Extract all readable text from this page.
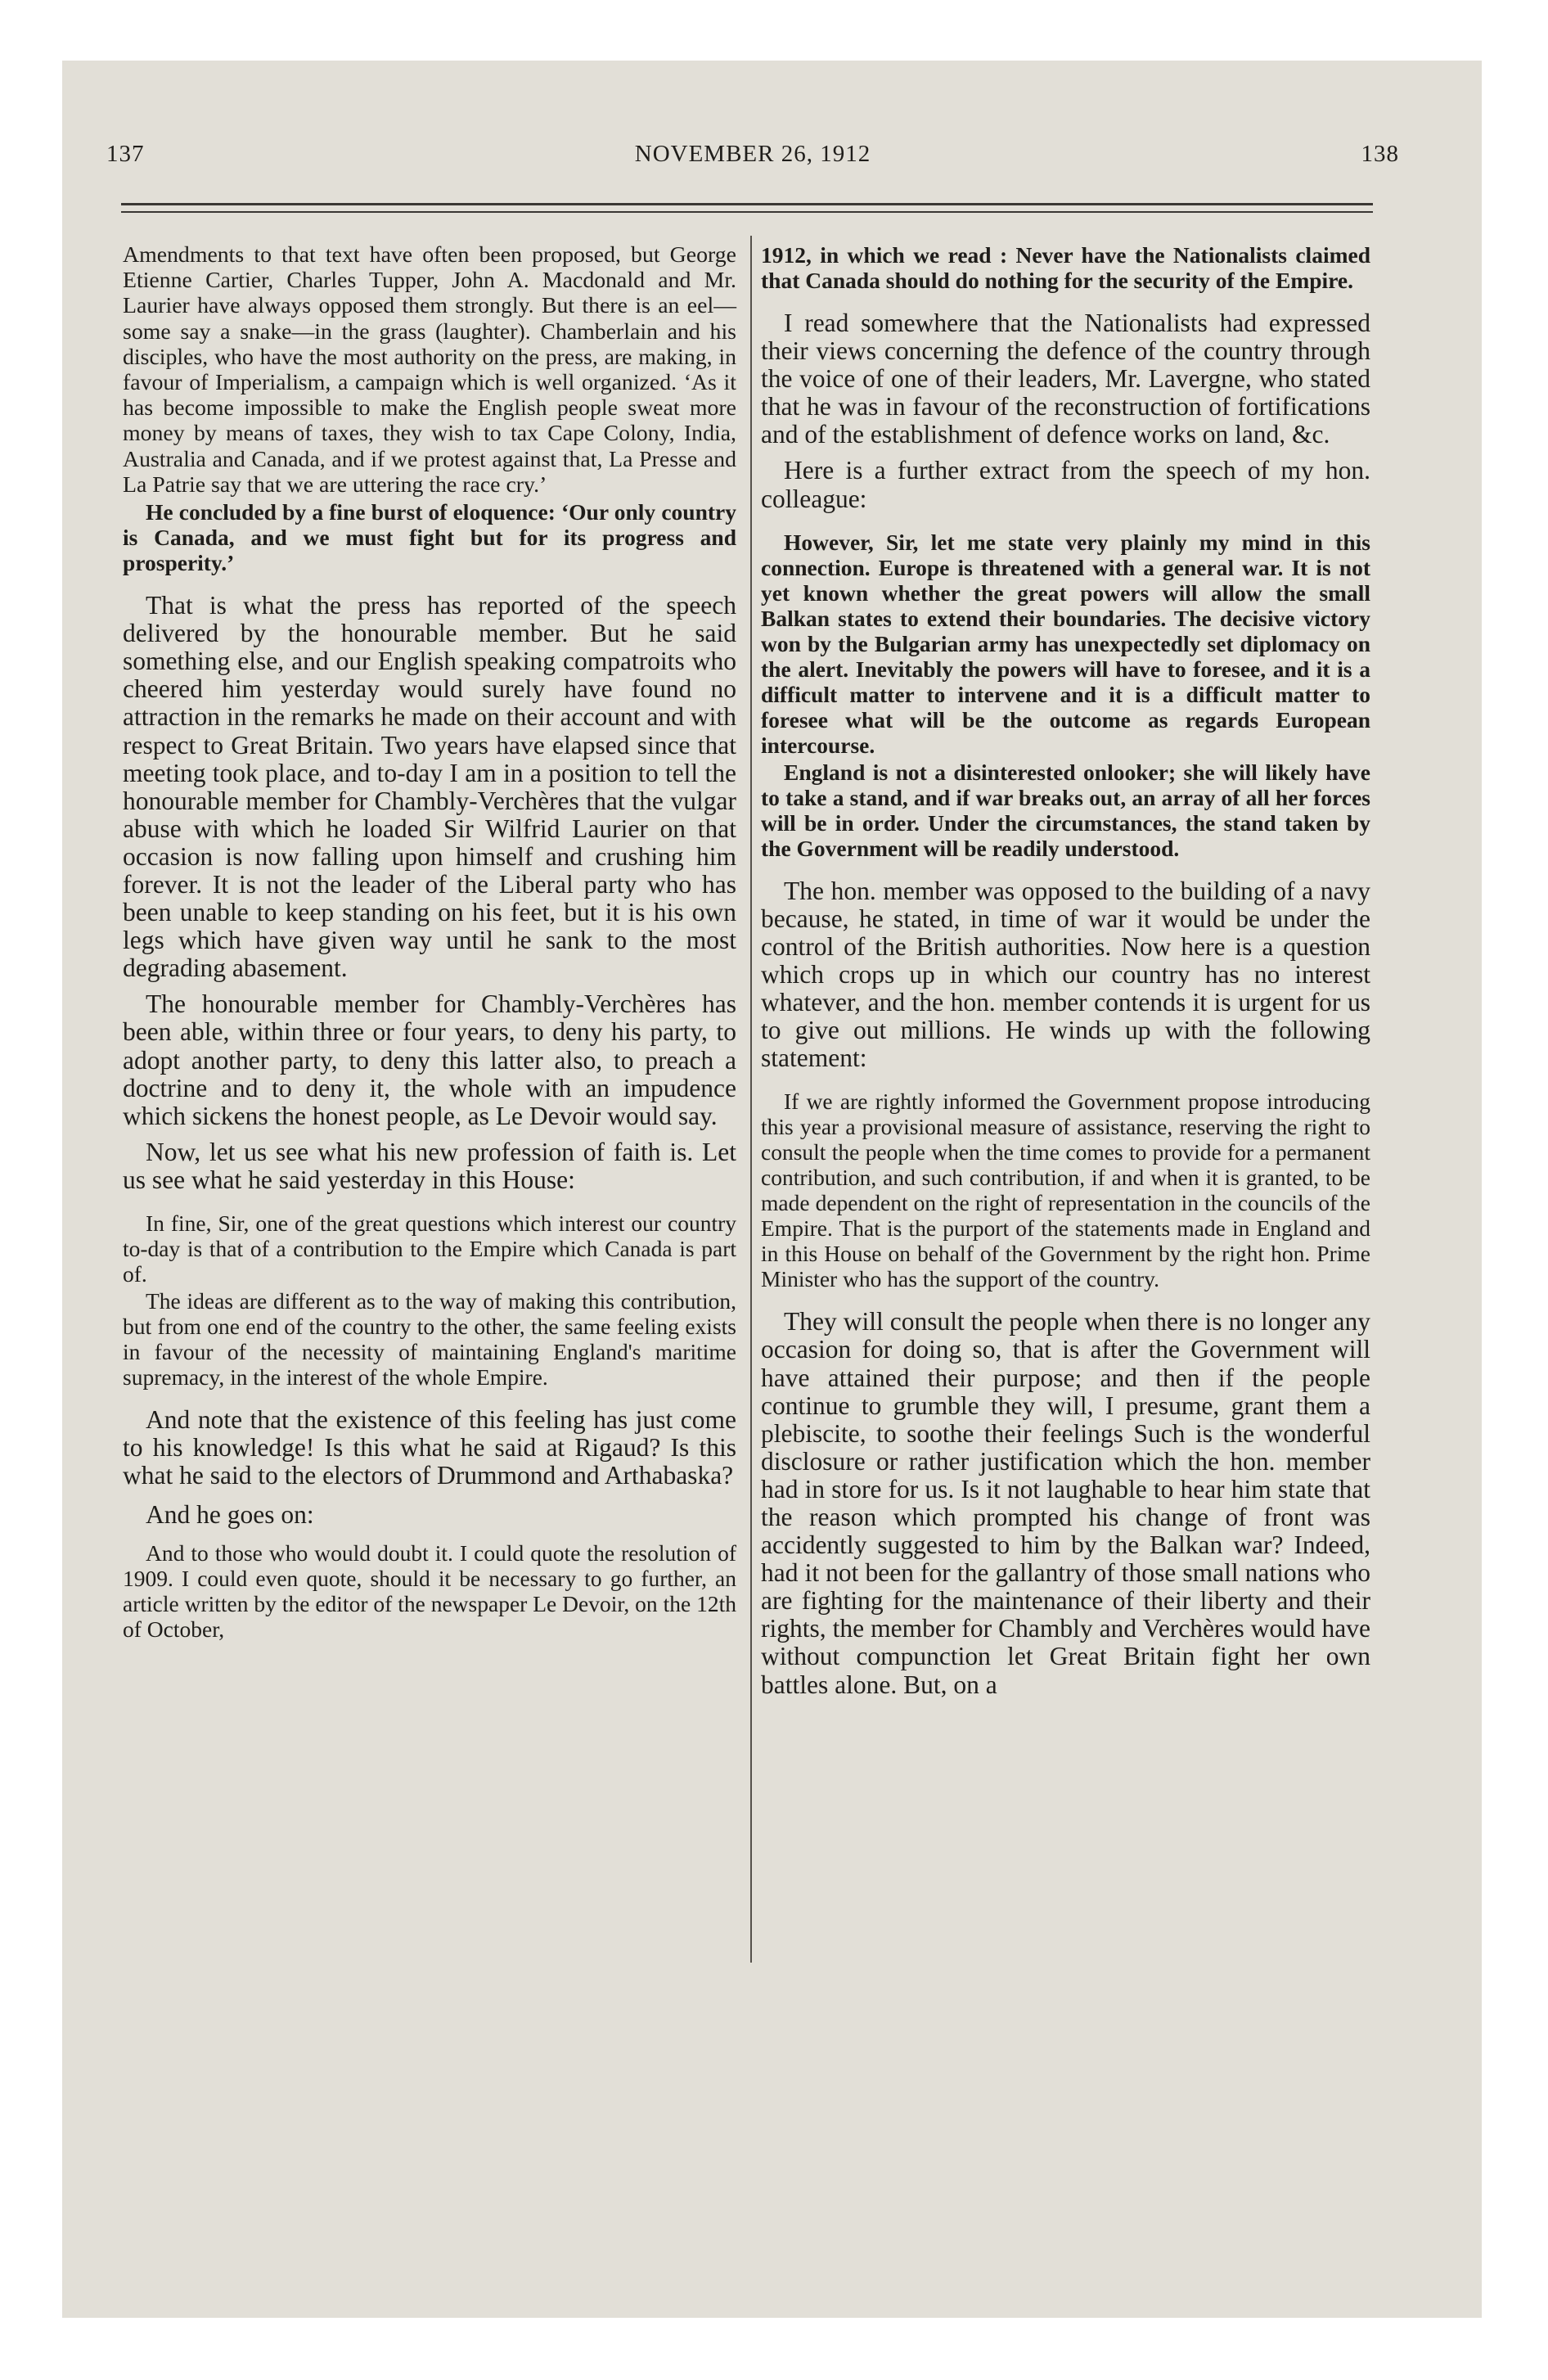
137	NOVEMBER 26, 1912	138

Amendments to that text have often been proposed, but George Etienne Cartier, Charles Tupper, John A. Macdonald and Mr. Laurier have always opposed them strongly. But there is an eel—some say a snake—in the grass (laughter). Chamberlain and his disciples, who have the most authority on the press, are making, in favour of Imperialism, a campaign which is well organized. ‘As it has become impossible to make the English people sweat more money by means of taxes, they wish to tax Cape Colony, India, Australia and Canada, and if we protest against that, La Presse and La Patrie say that we are uttering the race cry.’

He concluded by a fine burst of eloquence: ‘Our only country is Canada, and we must fight but for its progress and prosperity.’

That is what the press has reported of the speech delivered by the honourable member. But he said something else, and our English speaking compatroits who cheered him yesterday would surely have found no attraction in the remarks he made on their account and with respect to Great Britain. Two years have elapsed since that meeting took place, and to-day I am in a position to tell the honourable member for Chambly-Verchères that the vulgar abuse with which he loaded Sir Wilfrid Laurier on that occasion is now falling upon himself and crushing him forever. It is not the leader of the Liberal party who has been unable to keep standing on his feet, but it is his own legs which have given way until he sank to the most degrading abasement.

The honourable member for Chambly-Verchères has been able, within three or four years, to deny his party, to adopt another party, to deny this latter also, to preach a doctrine and to deny it, the whole with an impudence which sickens the honest people, as Le Devoir would say.

Now, let us see what his new profession of faith is. Let us see what he said yesterday in this House:

In fine, Sir, one of the great questions which interest our country to-day is that of a contribution to the Empire which Canada is part of.

The ideas are different as to the way of making this contribution, but from one end of the country to the other, the same feeling exists in favour of the necessity of maintaining England's maritime supremacy, in the interest of the whole Empire.

And note that the existence of this feeling has just come to his knowledge! Is this what he said at Rigaud? Is this what he said to the electors of Drummond and Arthabaska?

And he goes on:

And to those who would doubt it. I could quote the resolution of 1909. I could even quote, should it be necessary to go further, an article written by the editor of the newspaper Le Devoir, on the 12th of October,

1912, in which we read : Never have the Nationalists claimed that Canada should do nothing for the security of the Empire.

I read somewhere that the Nationalists had expressed their views concerning the defence of the country through the voice of one of their leaders, Mr. Lavergne, who stated that he was in favour of the reconstruction of fortifications and of the establishment of defence works on land, &c.

Here is a further extract from the speech of my hon. colleague:

However, Sir, let me state very plainly my mind in this connection. Europe is threatened with a general war. It is not yet known whether the great powers will allow the small Balkan states to extend their boundaries. The decisive victory won by the Bulgarian army has unexpectedly set diplomacy on the alert. Inevitably the powers will have to foresee, and it is a difficult matter to intervene and it is a difficult matter to foresee what will be the outcome as regards European intercourse.

England is not a disinterested onlooker; she will likely have to take a stand, and if war breaks out, an array of all her forces will be in order. Under the circumstances, the stand taken by the Government will be readily understood.

The hon. member was opposed to the building of a navy because, he stated, in time of war it would be under the control of the British authorities. Now here is a question which crops up in which our country has no interest whatever, and the hon. member contends it is urgent for us to give out millions. He winds up with the following statement:

If we are rightly informed the Government propose introducing this year a provisional measure of assistance, reserving the right to consult the people when the time comes to provide for a permanent contribution, and such contribution, if and when it is granted, to be made dependent on the right of representation in the councils of the Empire. That is the purport of the statements made in England and in this House on behalf of the Government by the right hon. Prime Minister who has the support of the country.

They will consult the people when there is no longer any occasion for doing so, that is after the Government will have attained their purpose; and then if the people continue to grumble they will, I presume, grant them a plebiscite, to soothe their feelings Such is the wonderful disclosure or rather justification which the hon. member had in store for us. Is it not laughable to hear him state that the reason which prompted his change of front was accidently suggested to him by the Balkan war? Indeed, had it not been for the gallantry of those small nations who are fighting for the maintenance of their liberty and their rights, the member for Chambly and Verchères would have without compunction let Great Britain fight her own battles alone. But, on a
